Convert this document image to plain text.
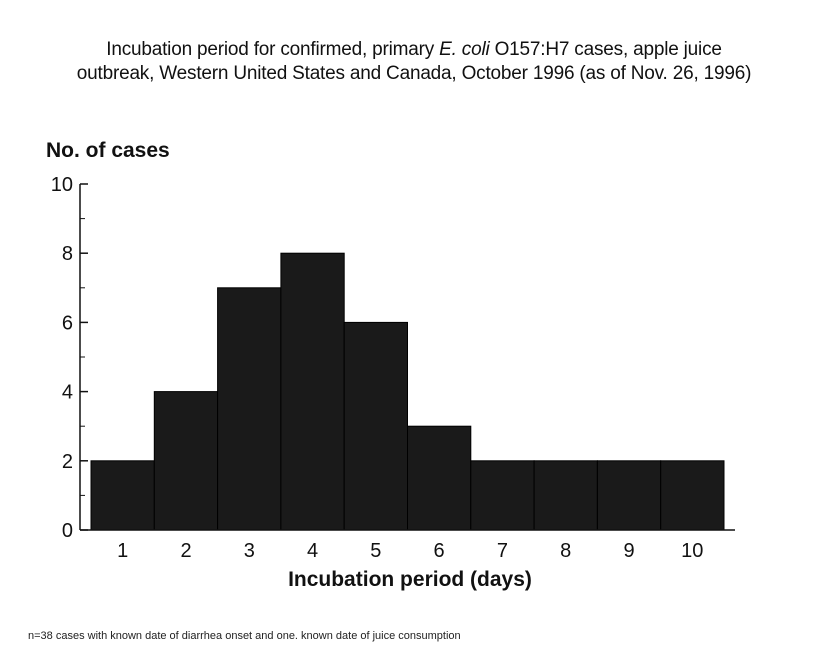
Incubation period for confirmed, primary E. coli O157:H7 cases, apple juice
outbreak, Western United States and Canada, October 1996 (as of Nov. 26, 1996)
0
2
4
6
8
10
1	2	3	4	5	6	7	8	9 10
No. of cases
Incubation period (days)
n=38 cases with known date of diarrhea onset and one. known date of juice consumption
